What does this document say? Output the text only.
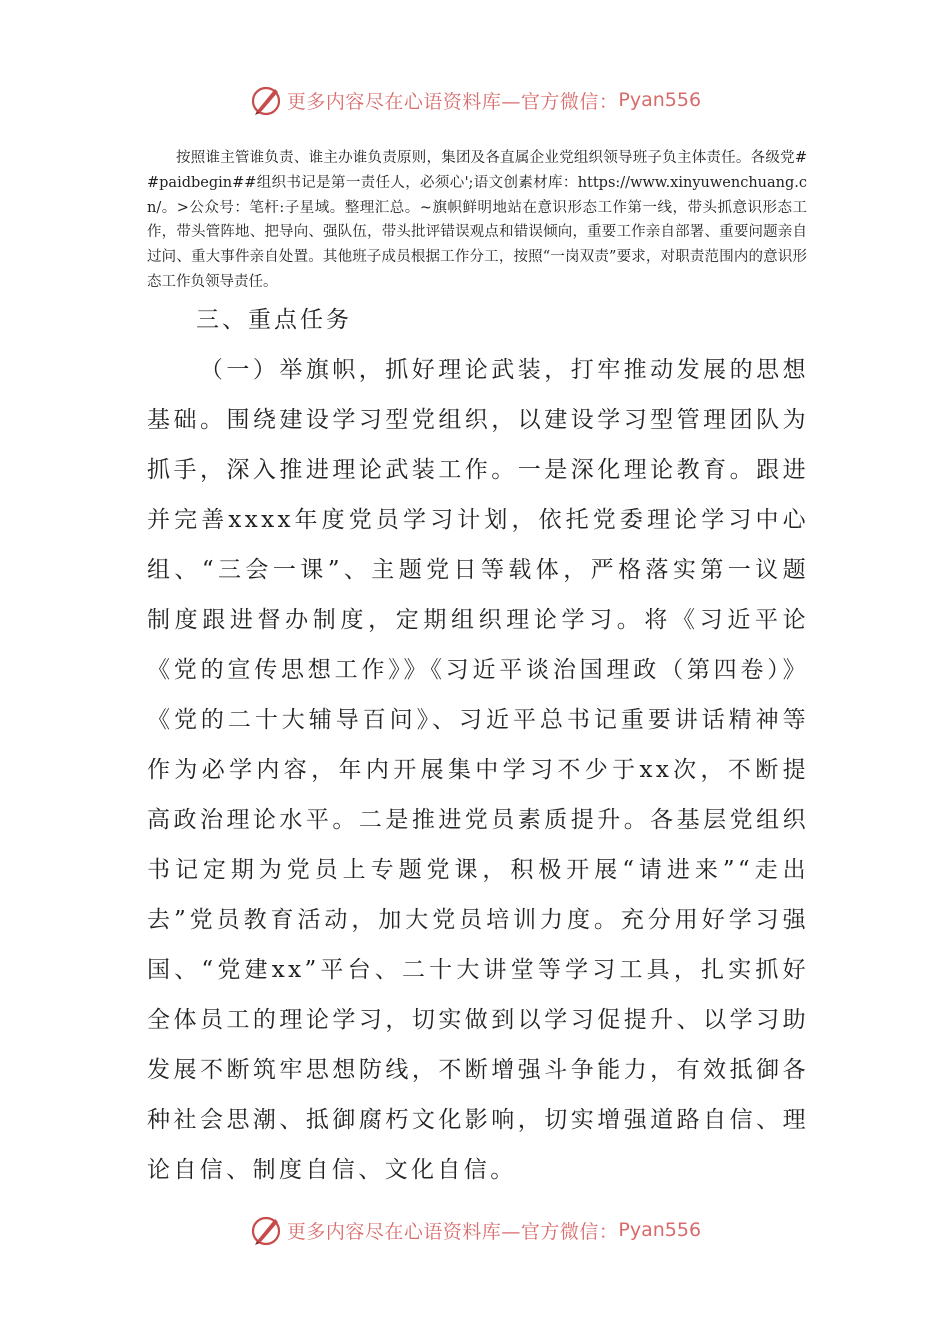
更多内容尽在心语资料库—官方微信： Pyan556

按照谁主管谁负责、谁主办谁负责原则，集团及各直属企业党组织领导班子负主体责任。各级党##paidbegin##组织书记是第一责任人，必须心';语文创素材库：https://www.xinyuwenchuang.cn/。>公众号：笔杆:子星域。整理汇总。~旗帜鲜明地站在意识形态工作第一线，带头抓意识形态工作，带头管阵地、把导向、强队伍，带头批评错误观点和错误倾向，重要工作亲自部署、重要问题亲自过问、重大事件亲自处置。其他班子成员根据工作分工，按照“一岗双责”要求，对职责范围内的意识形态工作负领导责任。

三、重点任务

（一）举旗帜，抓好理论武装，打牢推动发展的思想基础。围绕建设学习型党组织，以建设学习型管理团队为抓手，深入推进理论武装工作。一是深化理论教育。跟进并完善xxxx年度党员学习计划，依托党委理论学习中心组、“三会一课”、主题党日等载体，严格落实第一议题制度跟进督办制度，定期组织理论学习。将《习近平论《党的宣传思想工作》》《习近平谈治国理政（第四卷）》《党的二十大辅导百问》、习近平总书记重要讲话精神等作为必学内容，年内开展集中学习不少于xx次，不断提高政治理论水平。二是推进党员素质提升。各基层党组织书记定期为党员上专题党课，积极开展“请进来”“走出去”党员教育活动，加大党员培训力度。充分用好学习强国、“党建xx”平台、二十大讲堂等学习工具，扎实抓好全体员工的理论学习，切实做到以学习促提升、以学习助发展不断筑牢思想防线，不断增强斗争能力，有效抵御各种社会思潮、抵御腐朽文化影响，切实增强道路自信、理论自信、制度自信、文化自信。

更多内容尽在心语资料库—官方微信： Pyan556
